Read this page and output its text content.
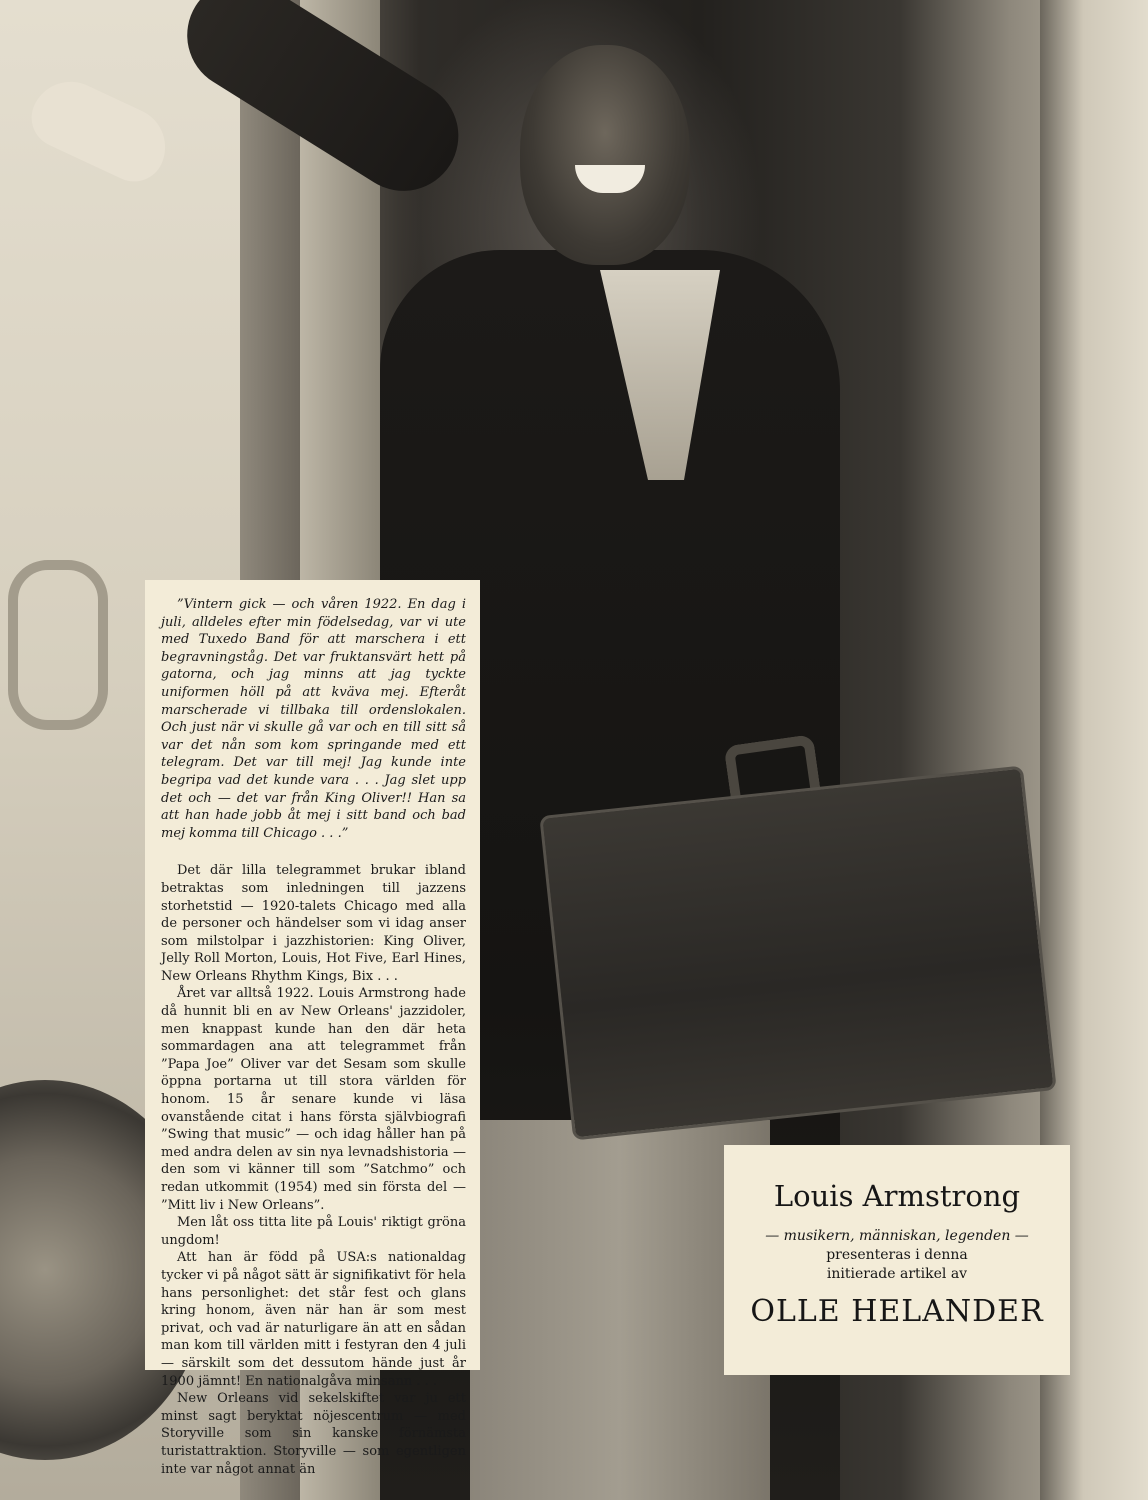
”Vintern gick — och våren 1922. En dag i juli, alldeles efter min födelsedag, var vi ute med Tuxedo Band för att marschera i ett begravningståg. Det var fruktansvärt hett på gatorna, och jag minns att jag tyckte uniformen höll på att kväva mej. Efteråt marscherade vi tillbaka till ordenslokalen. Och just när vi skulle gå var och en till sitt så var det nån som kom springande med ett telegram. Det var till mej! Jag kunde inte begripa vad det kunde vara . . . Jag slet upp det och — det var från King Oliver!! Han sa att han hade jobb åt mej i sitt band och bad mej komma till Chicago . . .”

Det där lilla telegrammet brukar ibland betraktas som inledningen till jazzens storhetstid — 1920-talets Chicago med alla de personer och händelser som vi idag anser som milstolpar i jazzhistorien: King Oliver, Jelly Roll Morton, Louis, Hot Five, Earl Hines, New Orleans Rhythm Kings, Bix . . .

Året var alltså 1922. Louis Armstrong hade då hunnit bli en av New Orleans' jazzidoler, men knappast kunde han den där heta sommardagen ana att telegrammet från ”Papa Joe” Oliver var det Sesam som skulle öppna portarna ut till stora världen för honom. 15 år senare kunde vi läsa ovanstående citat i hans första självbiografi ”Swing that music” — och idag håller han på med andra delen av sin nya levnadshistoria — den som vi känner till som ”Satchmo” och redan utkommit (1954) med sin första del — ”Mitt liv i New Orleans”.

Men låt oss titta lite på Louis' riktigt gröna ungdom!

Att han är född på USA:s nationaldag tycker vi på något sätt är signifikativt för hela hans personlighet: det står fest och glans kring honom, även när han är som mest privat, och vad är naturligare än att en sådan man kom till världen mitt i festyran den 4 juli — särskilt som det dessutom hände just år 1900 jämnt! En nationalgåva minsann . . .

New Orleans vid sekelskiftet var ju ett minst sagt beryktat nöjescentrum — med Storyville som sin kanske förnämsta turistattraktion. Storyville — som egentligen inte var något annat än

Louis Armstrong

— musikern, människan, legenden —

presenteras i denna

initierade artikel av

OLLE HELANDER
